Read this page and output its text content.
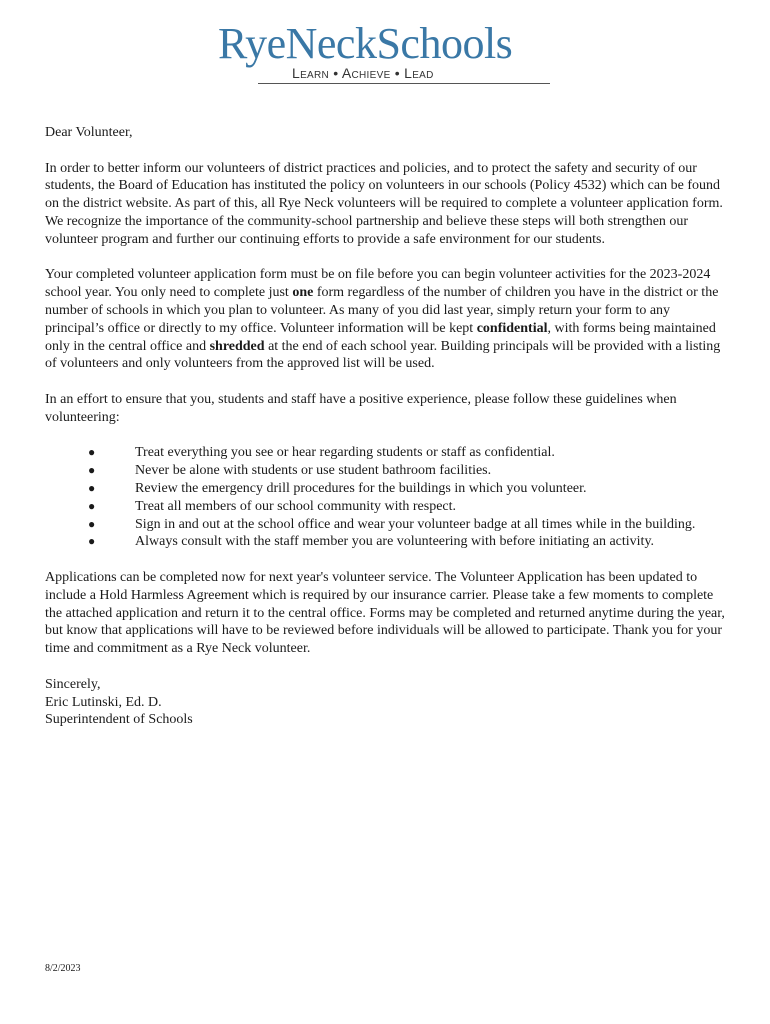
RyeNeckSchools
Learn • Achieve • Lead

Dear Volunteer,

In order to better inform our volunteers of district practices and policies, and to protect the safety and security of our students, the Board of Education has instituted the policy on volunteers in our schools (Policy 4532) which can be found on the district website. As part of this, all Rye Neck volunteers will be required to complete a volunteer application form. We recognize the importance of the community-school partnership and believe these steps will both strengthen our volunteer program and further our continuing efforts to provide a safe environment for our students.

Your completed volunteer application form must be on file before you can begin volunteer activities for the 2023-2024 school year. You only need to complete just one form regardless of the number of children you have in the district or the number of schools in which you plan to volunteer. As many of you did last year, simply return your form to any principal’s office or directly to my office. Volunteer information will be kept confidential, with forms being maintained only in the central office and shredded at the end of each school year. Building principals will be provided with a listing of volunteers and only volunteers from the approved list will be used.

In an effort to ensure that you, students and staff have a positive experience, please follow these guidelines when volunteering:

●	Treat everything you see or hear regarding students or staff as confidential.
●	Never be alone with students or use student bathroom facilities.
●	Review the emergency drill procedures for the buildings in which you volunteer.
●	Treat all members of our school community with respect.
●	Sign in and out at the school office and wear your volunteer badge at all times while in the building.
●	Always consult with the staff member you are volunteering with before initiating an activity.

Applications can be completed now for next year's volunteer service. The Volunteer Application has been updated to include a Hold Harmless Agreement which is required by our insurance carrier. Please take a few moments to complete the attached application and return it to the central office. Forms may be completed and returned anytime during the year, but know that applications will have to be reviewed before individuals will be allowed to participate. Thank you for your time and commitment as a Rye Neck volunteer.

Sincerely,

Eric Lutinski, Ed. D.

Superintendent of Schools

8/2/2023
